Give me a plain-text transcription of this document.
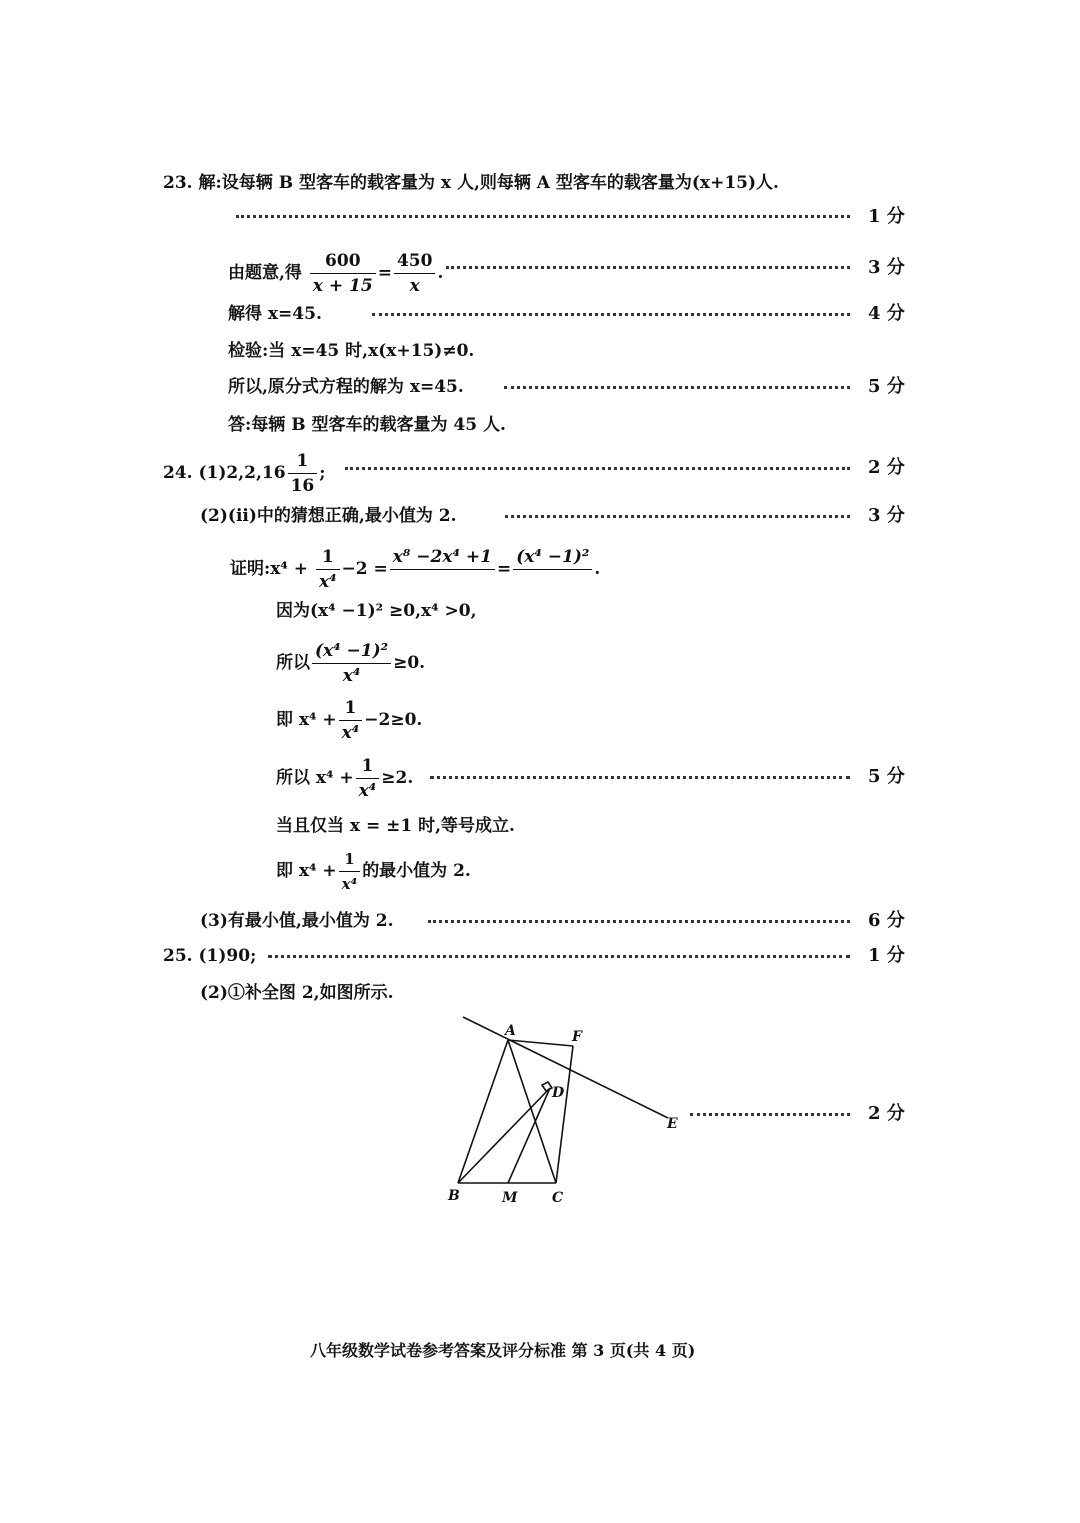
23. 解:设每辆 B 型客车的载客量为 x 人,则每辆 A 型客车的载客量为(x+15)人.
1 分
由题意,得 $\frac{600}{x + 15} = \frac{450}{x}$ .	3 分
解得 x=45.	4 分
检验:当 x=45 时,x(x+15)≠0.
所以,原分式方程的解为 x=45.	5 分
答:每辆 B 型客车的载客量为 45 人.
24. $(1)2,2,16 \frac{1}{16}$ ;	2 分
(2)(ii)中的猜想正确,最小值为 2.	3 分
证明:x⁴ + $\frac{1}{\text{x⁴}} -2$ =
x⁸ −2x⁴ +1

=
(x⁴ −1)²

.
因为(x⁴ −1)² ≥0,x⁴ >0,
所以 $\frac{\text{(x⁴ −1)²}}{\text{x⁴}} \ge 0$.
即 $x^4 + \frac{1}{\text{x⁴}} -2\ge 0$.
所以 $x^4 + \frac{1}{\text{x⁴}} \ge 2$.	5 分
当且仅当 x = ±1 时,等号成立.
即 $x^4 + \frac{1}{\text{x⁴}}$ 的最小值为 2.
(3)有最小值,最小值为 2.	6 分
25. (1)90;	1 分
(2)①补全图 2,如图所示.
A	F
D
E
B	M C
2 分
八年级数学试卷参考答案及评分标准 第 3 页(共 4 页)
